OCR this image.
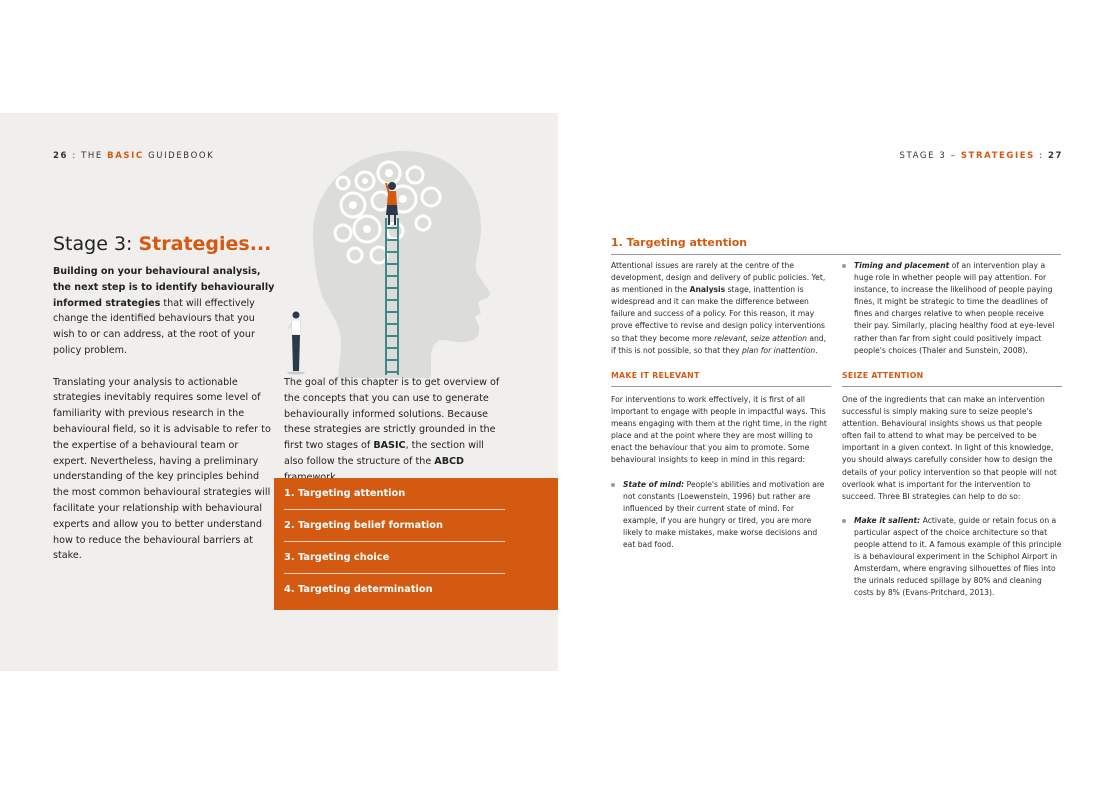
26 : THE BASIC GUIDEBOOK
Stage 3: Strategies...

Building on your behavioural analysis, the next step is to identify behaviourally informed strategies that will effectively change the identified behaviours that you wish to or can address, at the root of your policy problem.

Translating your analysis to actionable strategies inevitably requires some level of familiarity with previous research in the behavioural field, so it is advisable to refer to the expertise of a behavioural team or expert. Nevertheless, having a preliminary understanding of the key principles behind the most common behavioural strategies will facilitate your relationship with behavioural experts and allow you to better understand how to reduce the behavioural barriers at stake.

The goal of this chapter is to get overview of the concepts that you can use to generate behaviourally informed solutions. Because these strategies are strictly grounded in the first two stages of BASIC, the section will also follow the structure of the ABCD
1. Targeting attention
2. Targeting belief formation
3. Targeting choice
4. Targeting determination
STAGE 3 – STRATEGIES : 27
1. Targeting attention
Attentional issues are rarely at the centre of the development, design and delivery of public policies. Yet, as mentioned in the Analysis stage, inattention is widespread and it can make the difference between failure and success of a policy. For this reason, it may prove effective to revise and design policy interventions so that they become more relevant, seize attention and, if this is not possible, so that they plan for inattention.
Timing and placement of an intervention play a huge role in whether people will pay attention. For instance, to increase the likelihood of people paying fines, it might be strategic to time the deadlines of fines and charges relative to when people receive their pay. Similarly, placing healthy food at eye-level rather than far from sight could positively impact people's choices (Thaler and Sunstein, 2008).
MAKE IT RELEVANT

For interventions to work effectively, it is first of all important to engage with people in impactful ways. This means engaging with them at the right time, in the right place and at the point where they are most willing to enact the behaviour that you aim to promote. Some behavioural insights to keep in mind in this regard:

State of mind: People's abilities and motivation are not constants (Loewenstein, 1996) but rather are influenced by their current state of mind. For example, if you are hungry or tired, you are more likely to make mistakes, make worse decisions and eat bad food.
SEIZE ATTENTION

One of the ingredients that can make an intervention successful is simply making sure to seize people's attention. Behavioural insights shows us that people often fail to attend to what may be perceived to be important in a given context. In light of this knowledge, you should always carefully consider how to design the details of your policy intervention so that people will not overlook what is important for the intervention to succeed. Three BI strategies can help to do so:

Make it salient: Activate, guide or retain focus on a particular aspect of the choice architecture so that people attend to it. A famous example of this principle is a behavioural experiment in the Schiphol Airport in Amsterdam, where engraving silhouettes of flies into the urinals reduced spillage by 80% and cleaning costs by 8% (Evans-Pritchard, 2013).
